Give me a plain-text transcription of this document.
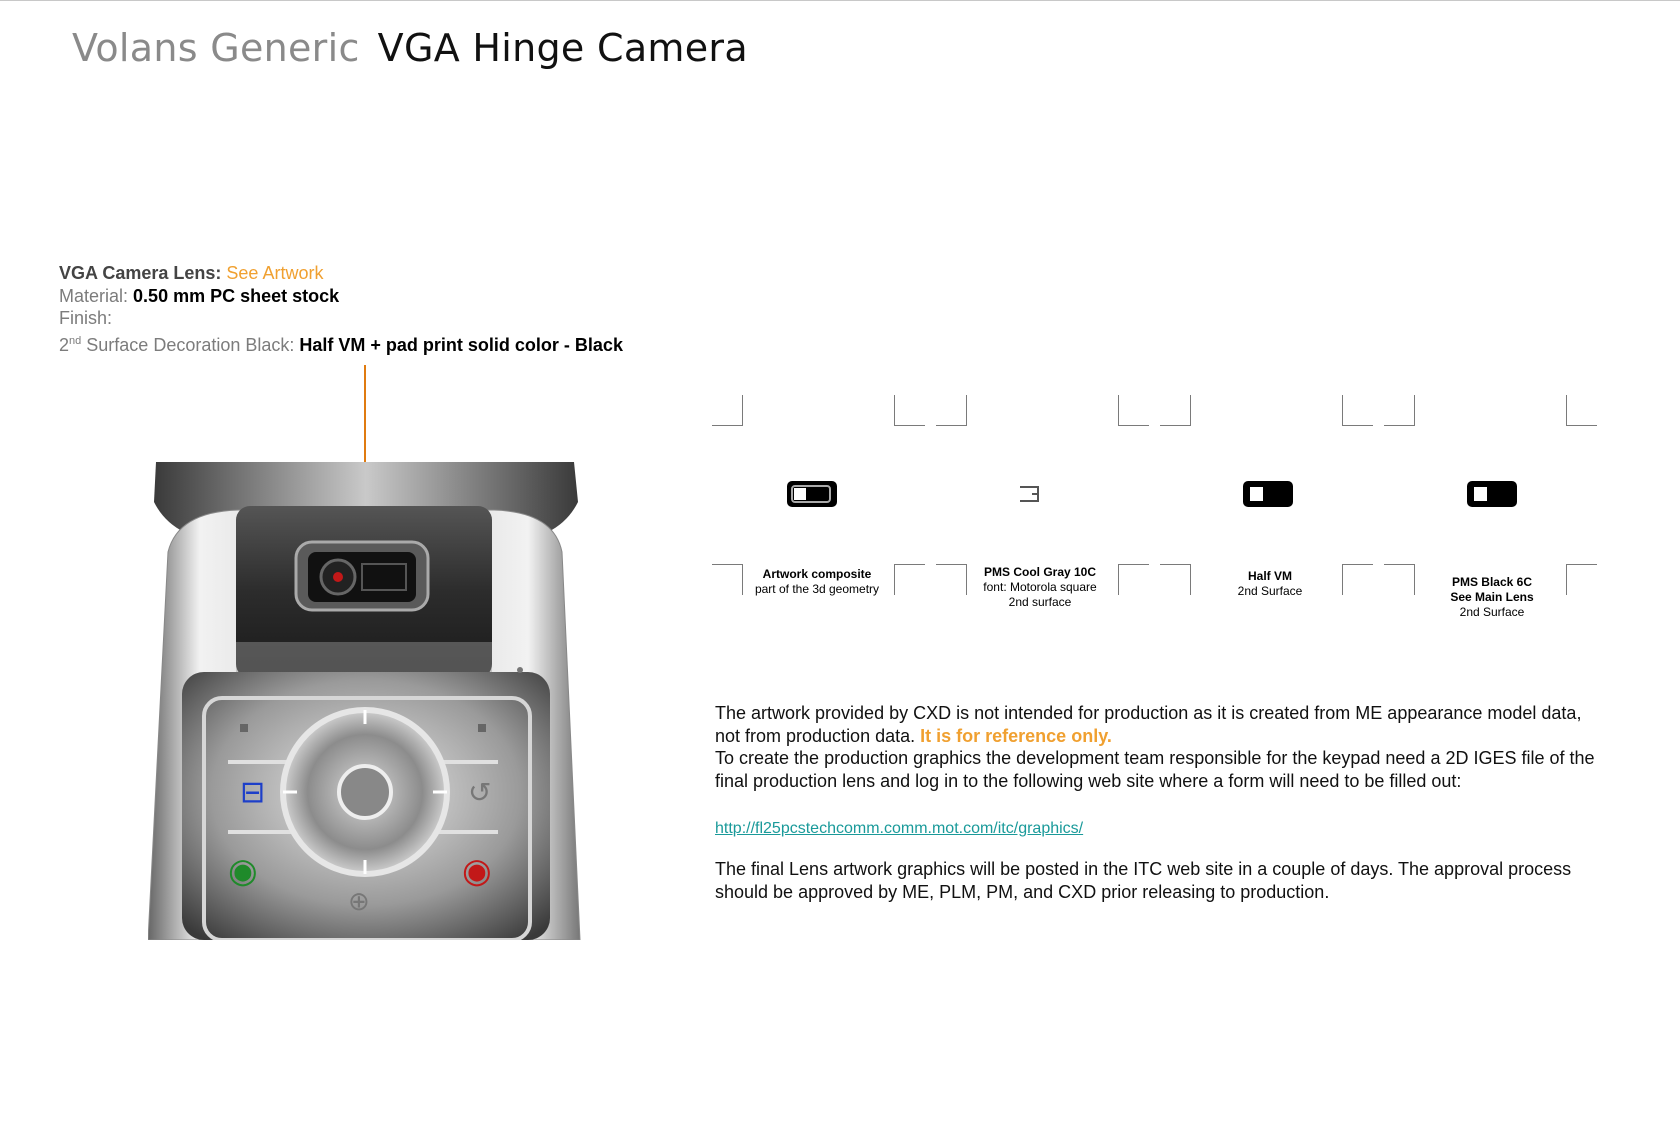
Volans Generic VGA Hinge Camera
VGA Camera Lens: See Artwork
Material: 0.50 mm PC sheet stock
Finish:
2nd Surface Decoration Black: Half VM + pad print solid color - Black
⊟	↺
◉	◉
⊕
Artwork composite
part of the 3d geometry
PMS Cool Gray 10C
font: Motorola square
2nd surface
Half VM
2nd Surface
PMS Black 6C
See Main Lens
2nd Surface
The artwork provided by CXD is not intended for production as it is created from ME appearance model data, not from production data. It is for reference only.
To create the production graphics the development team responsible for the keypad need a 2D IGES file of the final production lens and log in to the following web site where a form will need to be filled out:
http://fl25pcstechcomm.comm.mot.com/itc/graphics/
The final Lens artwork graphics will be posted in the ITC web site in a couple of days. The approval process should be approved by ME, PLM, PM, and CXD prior releasing to production.
